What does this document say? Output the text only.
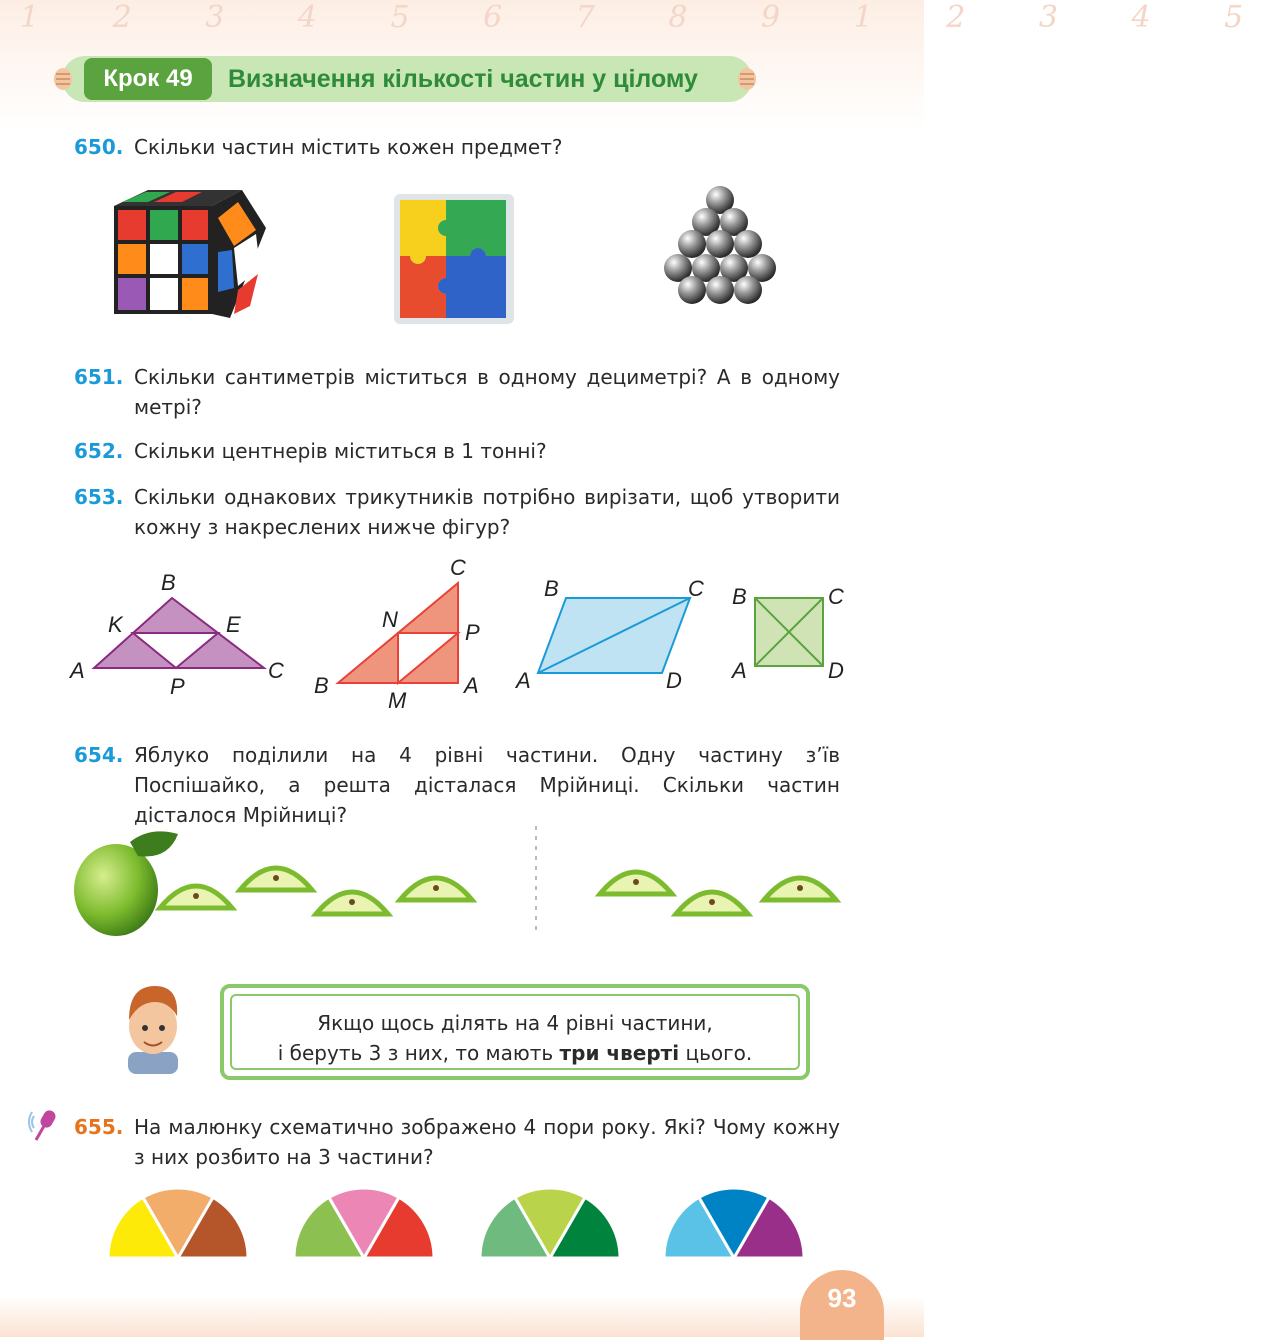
1 2 3 4 5 6 7 8 9 1 2 3 4 5
Крок 49	Визначення кількості частин у цілому
650. Скільки частин містить кожен предмет?
651. Скільки сантиметрів міститься в одному дециметрі? А в одному метрі?
652. Скільки центнерів міститься в 1 тонні?
653. Скільки однакових трикутників потрібно вирізати, щоб утворити кожну з накреслених нижче фігур?
B
K	E
A	C
P
C
N
P
B
M
A
B	C
A	D
B	C
A	D
654. Яблуко поділили на 4 рівні частини. Одну частину з’їв Поспішайко, а решта дісталася Мрійниці. Скільки частин дісталося Мрійниці?
Якщо щось ділять на 4 рівні частини,
і беруть 3 з них, то мають три чверті цього.
655. На малюнку схематично зображено 4 пори року. Які? Чому кожну з них розбито на 3 частини?
93
